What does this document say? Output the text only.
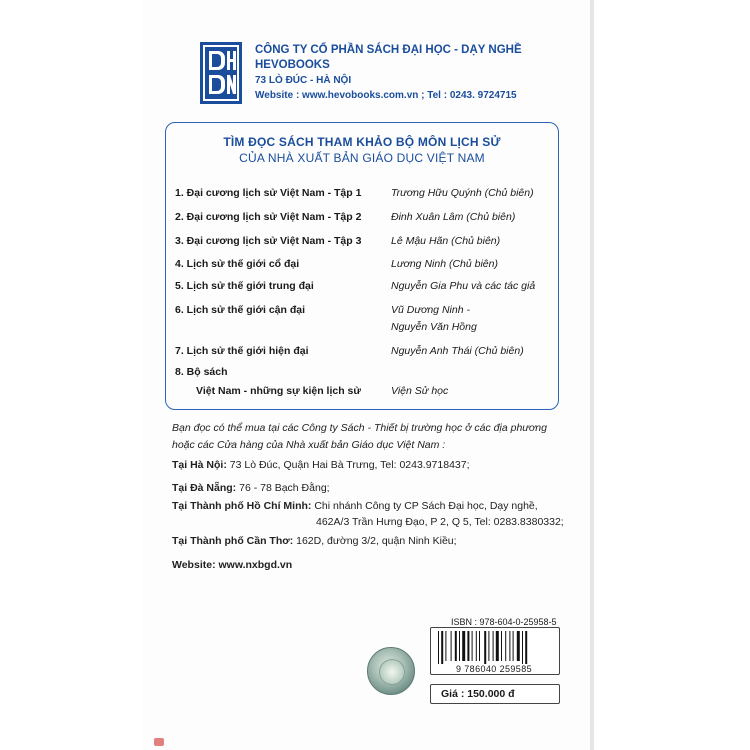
CÔNG TY CỔ PHẦN SÁCH ĐẠI HỌC - DẠY NGHỀ
HEVOBOOKS
73 LÒ ĐÚC - HÀ NỘI
Website : www.hevobooks.com.vn ; Tel : 0243. 9724715
TÌM ĐỌC SÁCH THAM KHẢO BỘ MÔN LỊCH SỬ
CỦA NHÀ XUẤT BẢN GIÁO DỤC VIỆT NAM
1. Đại cương lịch sử Việt Nam - Tập 1	Trương Hữu Quýnh (Chủ biên)
2. Đại cương lịch sử Việt Nam - Tập 2	Đinh Xuân Lâm (Chủ biên)
3. Đại cương lịch sử Việt Nam - Tập 3	Lê Mậu Hãn (Chủ biên)
4. Lịch sử thế giới cổ đại	Lương Ninh (Chủ biên)
5. Lịch sử thế giới trung đại	Nguyễn Gia Phu và các tác giả
6. Lịch sử thế giới cận đại	Vũ Dương Ninh -
Nguyễn Văn Hồng
7. Lịch sử thế giới hiện đại	Nguyễn Anh Thái (Chủ biên)
8. Bộ sách
Việt Nam - những sự kiện lịch sử	Viện Sử học
Bạn đọc có thể mua tại các Công ty Sách - Thiết bị trường học ở các địa phương hoặc các Cửa hàng của Nhà xuất bản Giáo dục Việt Nam :
Tại Hà Nội: 73 Lò Đúc, Quận Hai Bà Trưng, Tel: 0243.9718437;
Tại Đà Nẵng: 76 - 78 Bạch Đằng;
Tại Thành phố Hồ Chí Minh: Chi nhánh Công ty CP Sách Đại học, Dạy nghề,
462A/3 Trần Hưng Đạo, P 2, Q 5, Tel: 0283.8380332;
Tại Thành phố Cần Thơ: 162D, đường 3/2, quận Ninh Kiều;
Website: www.nxbgd.vn
ISBN : 978-604-0-25958-5
9 786040 259585
Giá : 150.000 đ
